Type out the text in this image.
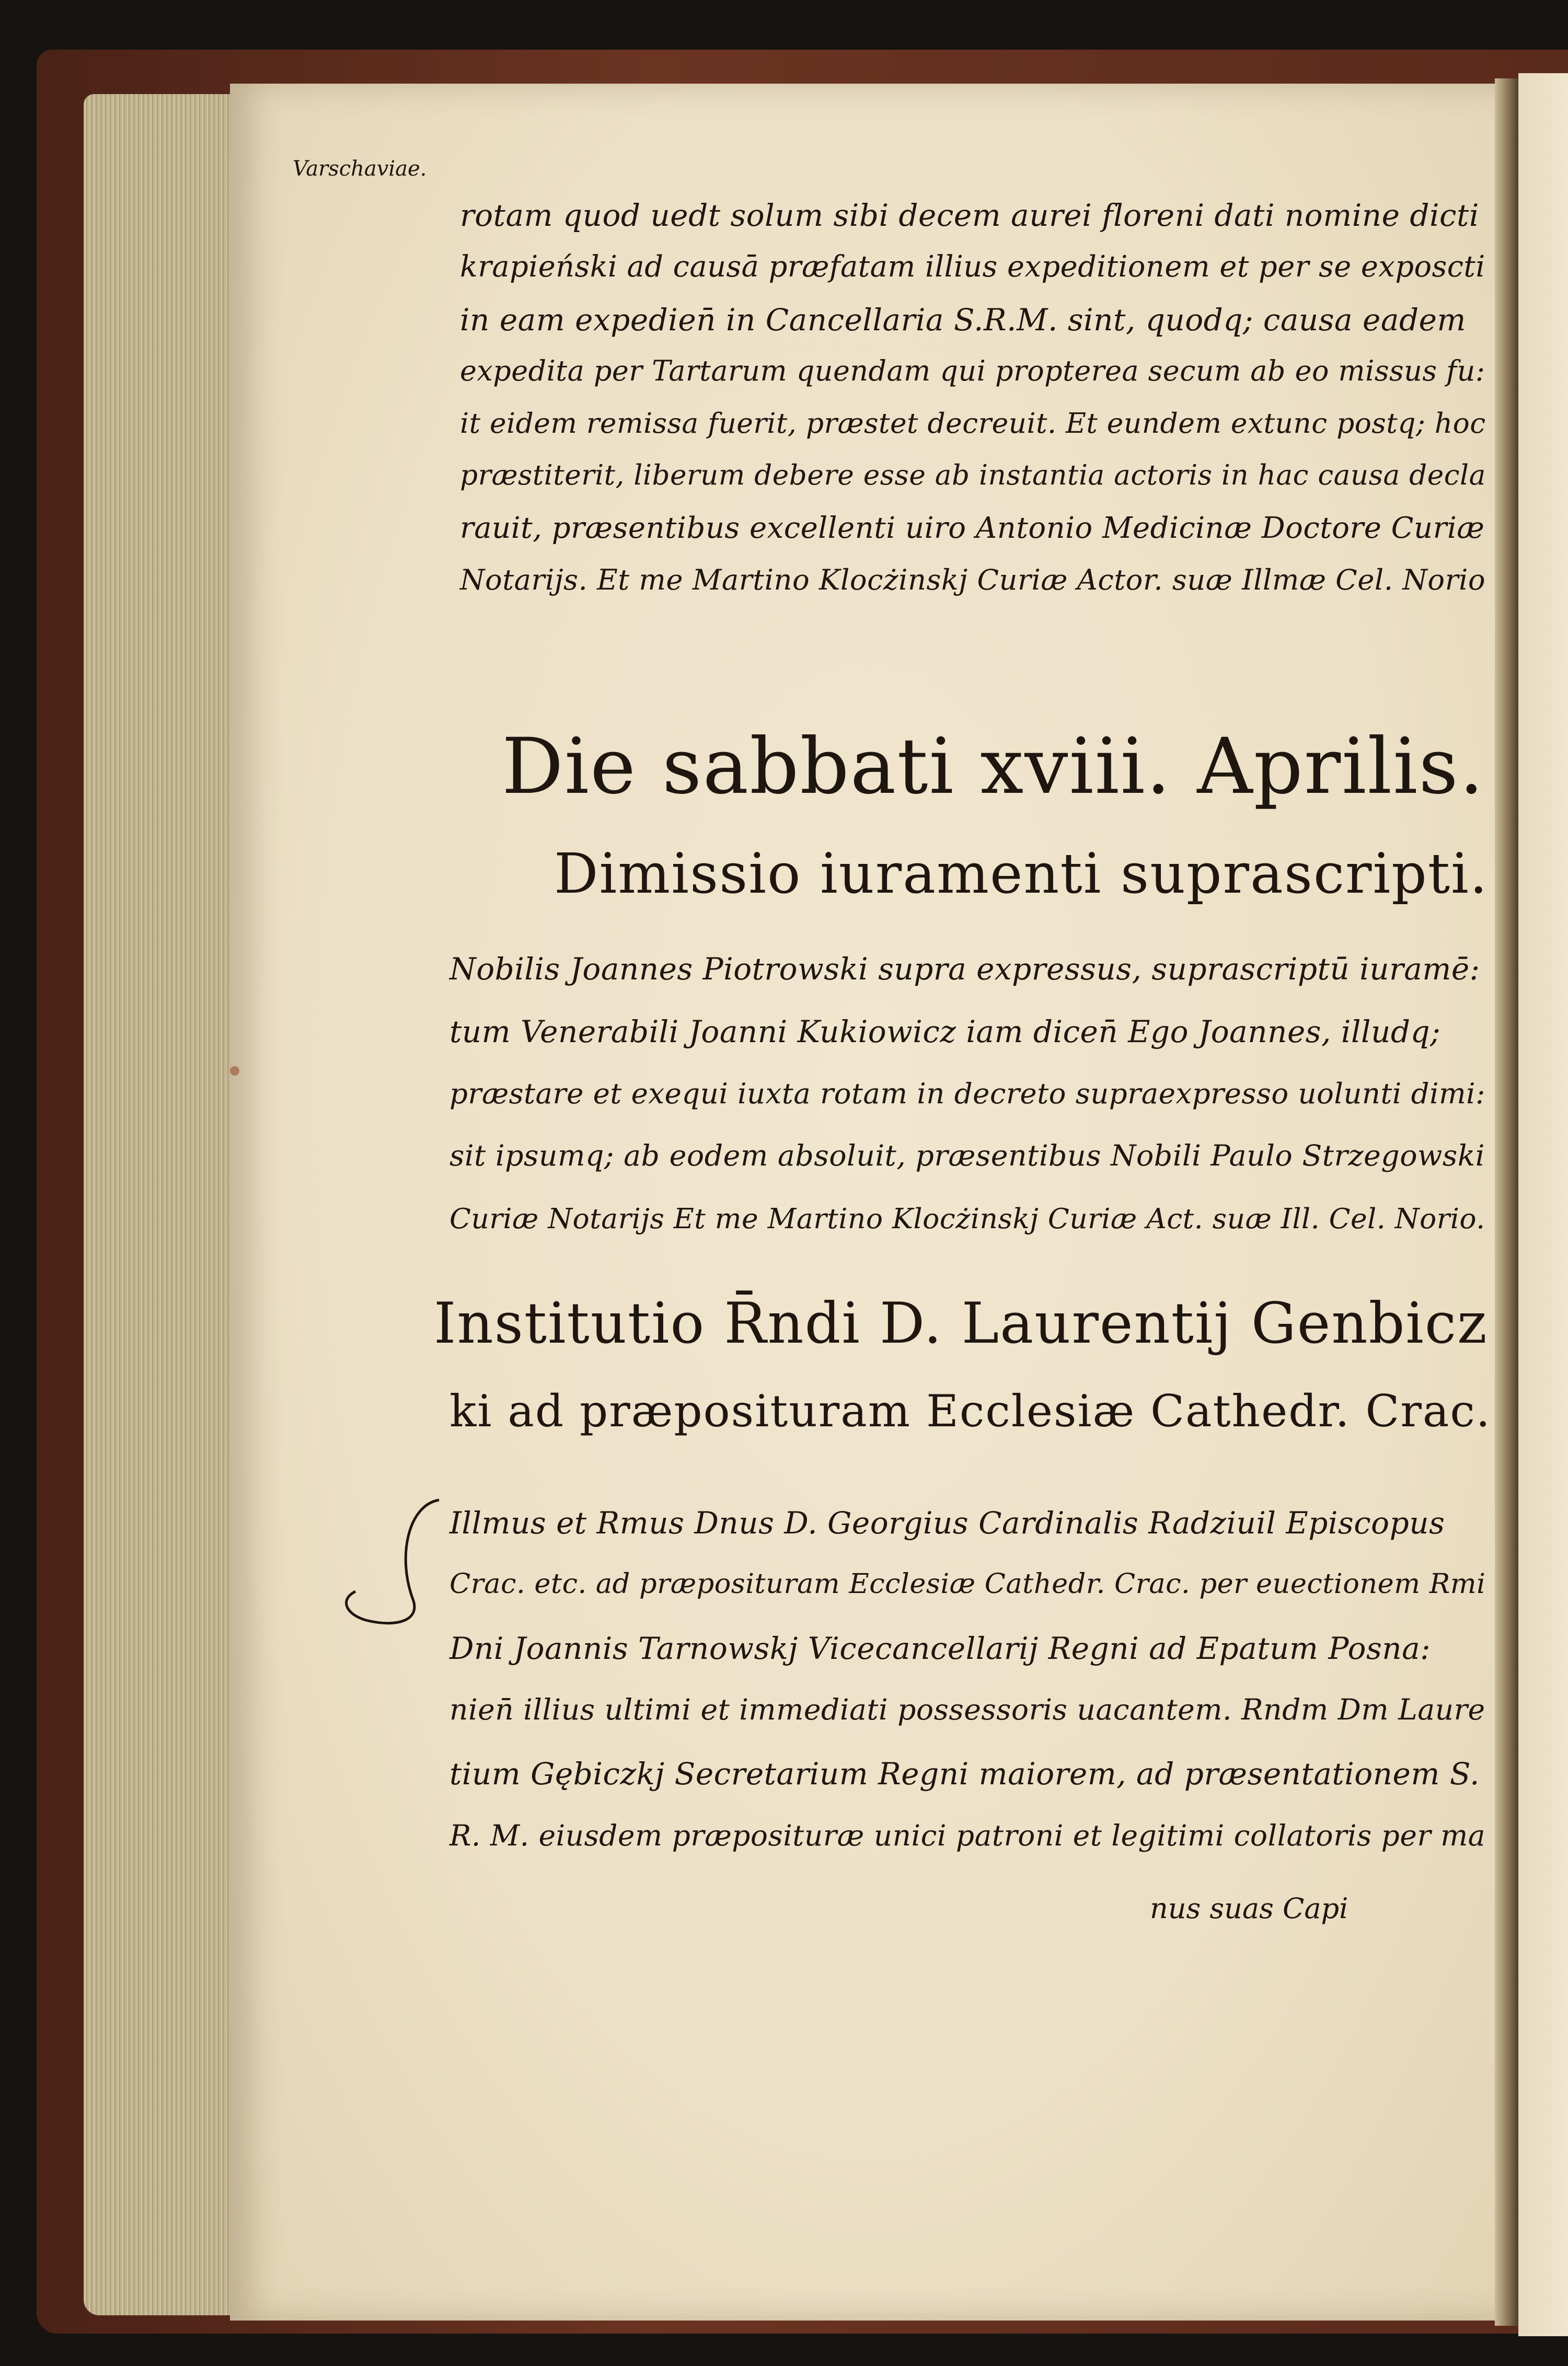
Varschaviae.
rotam quod uedt solum sibi decem aurei floreni dati nomine dicti
krapieński ad causā præfatam illius expeditionem et per se exposcti
in eam expedien̄ in Cancellaria S.R.M. sint, quodq; causa eadem
expedita per Tartarum quendam qui propterea secum ab eo missus fu:
it eidem remissa fuerit, præstet decreuit. Et eundem extunc postq; hoc
præstiterit, liberum debere esse ab instantia actoris in hac causa decla
rauit, præsentibus excellenti uiro Antonio Medicinæ Doctore Curiæ
Notarijs. Et me Martino Klocżinskj Curiæ Actor. suæ Illmæ Cel. Norio
Die sabbati xviii. Aprilis.
Dimissio iuramenti suprascripti.
Nobilis Joannes Piotrowski supra expressus, suprascriptū iuramē:
tum Venerabili Joanni Kukiowicz iam dicen̄ Ego Joannes, illudq;
præstare et exequi iuxta rotam in decreto supraexpresso uolunti dimi:
sit ipsumq; ab eodem absoluit, præsentibus Nobili Paulo Strzegowski
Curiæ Notarijs Et me Martino Klocżinskj Curiæ Act. suæ Ill. Cel. Norio.
Institutio R̄ndi D. Laurentij Genbicz
ki ad præposituram Ecclesiæ Cathedr. Crac.
Illmus et Rmus Dnus D. Georgius Cardinalis Radziuil Episcopus
Crac. etc. ad præposituram Ecclesiæ Cathedr. Crac. per euectionem Rmi
Dni Joannis Tarnowskj Vicecancellarij Regni ad Epatum Posna:
nien̄ illius ultimi et immediati possessoris uacantem. Rndm Dm Laure
tium Gębiczkj Secretarium Regni maiorem, ad præsentationem S.
R. M. eiusdem præposituræ unici patroni et legitimi collatoris per ma
nus suas Capi
